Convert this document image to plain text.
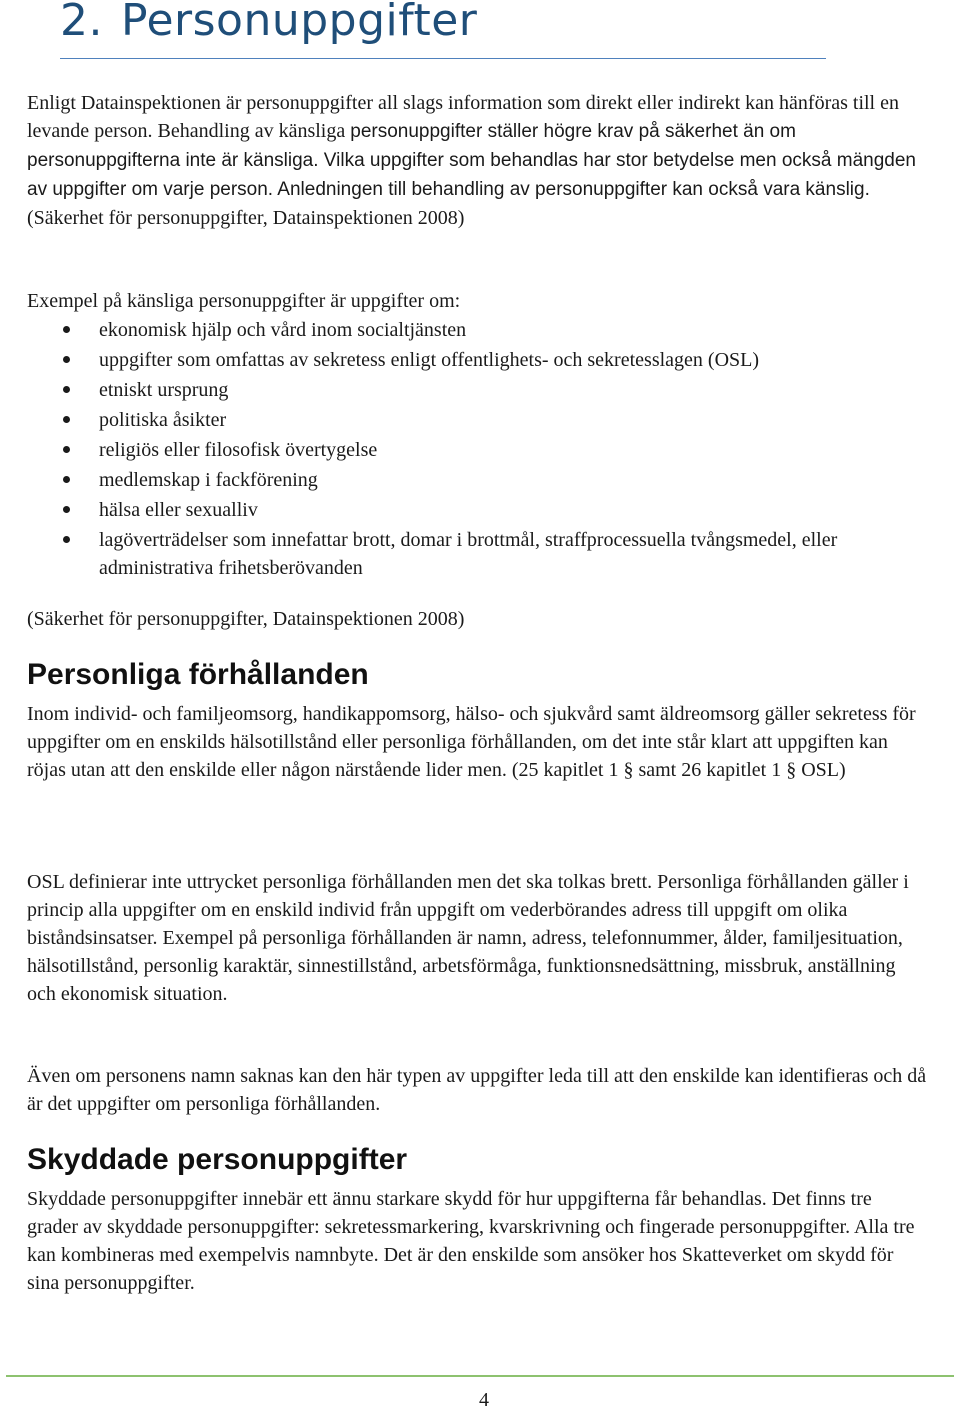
2. Personuppgifter

Enligt Datainspektionen är personuppgifter all slags information som direkt eller indirekt kan hänföras till en levande person. Behandling av känsliga personuppgifter ställer högre krav på säkerhet än om personuppgifterna inte är känsliga. Vilka uppgifter som behandlas har stor betydelse men också mängden av uppgifter om varje person. Anledningen till behandling av personuppgifter kan också vara känslig. (Säkerhet för personuppgifter, Datainspektionen 2008)

Exempel på känsliga personuppgifter är uppgifter om:

ekonomisk hjälp och vård inom socialtjänsten
uppgifter som omfattas av sekretess enligt offentlighets- och sekretesslagen (OSL)
etniskt ursprung
politiska åsikter
religiös eller filosofisk övertygelse
medlemskap i fackförening
hälsa eller sexualliv
lagöverträdelser som innefattar brott, domar i brottmål, straffprocessuella tvångsmedel, eller administrativa frihetsberövanden

(Säkerhet för personuppgifter, Datainspektionen 2008)

Personliga förhållanden

Inom individ- och familjeomsorg, handikappomsorg, hälso- och sjukvård samt äldreomsorg gäller sekretess för uppgifter om en enskilds hälsotillstånd eller personliga förhållanden, om det inte står klart att uppgiften kan röjas utan att den enskilde eller någon närstående lider men. (25 kapitlet 1 § samt 26 kapitlet 1 § OSL)

OSL definierar inte uttrycket personliga förhållanden men det ska tolkas brett. Personliga förhållanden gäller i princip alla uppgifter om en enskild individ från uppgift om vederbörandes adress till uppgift om olika biståndsinsatser. Exempel på personliga förhållanden är namn, adress, telefonnummer, ålder, familjesituation, hälsotillstånd, personlig karaktär, sinnestillstånd, arbetsförmåga, funktionsnedsättning, missbruk, anställning och ekonomisk situation.

Även om personens namn saknas kan den här typen av uppgifter leda till att den enskilde kan identifieras och då är det uppgifter om personliga förhållanden.

Skyddade personuppgifter

Skyddade personuppgifter innebär ett ännu starkare skydd för hur uppgifterna får behandlas. Det finns tre grader av skyddade personuppgifter: sekretessmarkering, kvarskrivning och fingerade personuppgifter. Alla tre kan kombineras med exempelvis namnbyte. Det är den enskilde som ansöker hos Skatteverket om skydd för sina personuppgifter.

4
